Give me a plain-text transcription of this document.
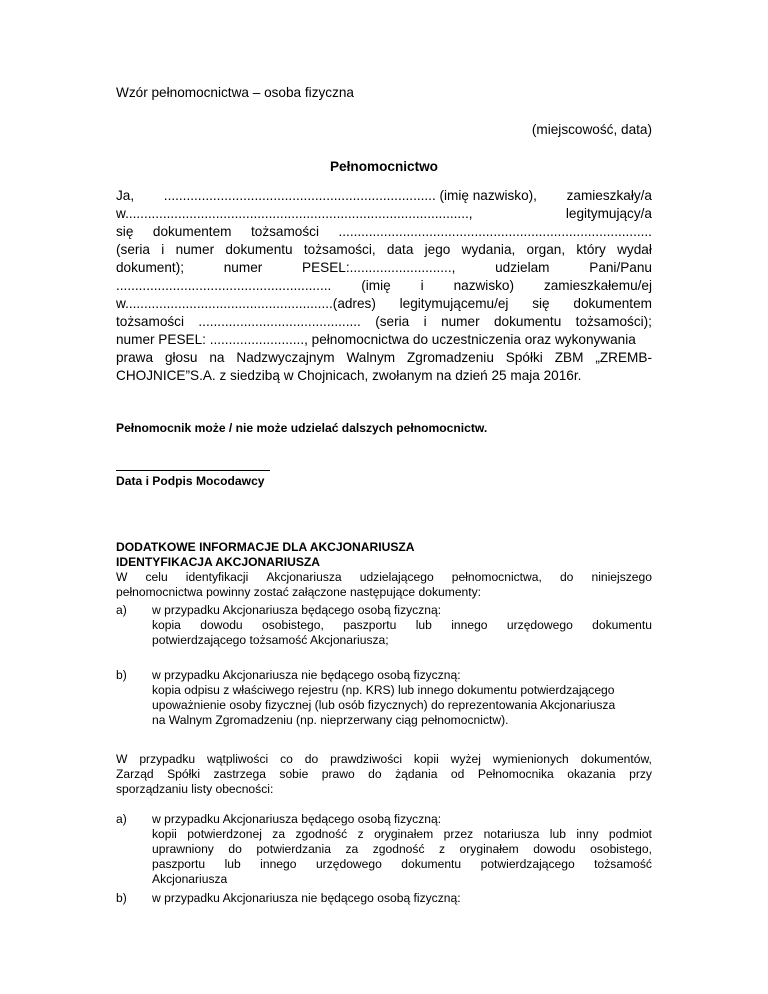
Wzór pełnomocnictwa – osoba fizyczna
(miejscowość, data)
Pełnomocnictwo
Ja, ........................................................................ (imię nazwisko), zamieszkały/a
w...........................................................................................,	legitymujący/a
się dokumentem tożsamości ...................................................................................
(seria i numer dokumentu tożsamości, data jego wydania, organ, który wydał
dokument);	numer	PESEL:...........................,	udzielam	Pani/Panu
......................................................... (imię i nazwisko) zamieszkałemu/ej
w.......................................................(adres) legitymującemu/ej się dokumentem
tożsamości ........................................... (seria i numer dokumentu tożsamości);
numer PESEL: ........................., pełnomocnictwa do uczestniczenia oraz wykonywania
prawa głosu na Nadzwyczajnym Walnym Zgromadzeniu Spółki ZBM „ZREMB-
CHOJNICE”S.A. z siedzibą w Chojnicach, zwołanym na dzień 25 maja 2016r.
Pełnomocnik może / nie może udzielać dalszych pełnomocnictw.
Data i Podpis Mocodawcy
DODATKOWE INFORMACJE DLA AKCJONARIUSZA
IDENTYFIKACJA AKCJONARIUSZA
W celu identyfikacji Akcjonariusza udzielającego pełnomocnictwa, do niniejszego
pełnomocnictwa powinny zostać załączone następujące dokumenty:
a) w przypadku Akcjonariusza będącego osobą fizyczną:
kopia dowodu osobistego, paszportu lub innego urzędowego dokumentu
potwierdzającego tożsamość Akcjonariusza;
b) w przypadku Akcjonariusza nie będącego osobą fizyczną:
kopia odpisu z właściwego rejestru (np. KRS) lub innego dokumentu potwierdzającego
upoważnienie osoby fizycznej (lub osób fizycznych) do reprezentowania Akcjonariusza
na Walnym Zgromadzeniu (np. nieprzerwany ciąg pełnomocnictw).
W przypadku wątpliwości co do prawdziwości kopii wyżej wymienionych dokumentów,
Zarząd Spółki zastrzega sobie prawo do żądania od Pełnomocnika okazania przy
sporządzaniu listy obecności:
a) w przypadku Akcjonariusza będącego osobą fizyczną:
kopii potwierdzonej za zgodność z oryginałem przez notariusza lub inny podmiot
uprawniony do potwierdzania za zgodność z oryginałem dowodu osobistego,
paszportu lub innego urzędowego dokumentu potwierdzającego tożsamość
Akcjonariusza
b) w przypadku Akcjonariusza nie będącego osobą fizyczną:
